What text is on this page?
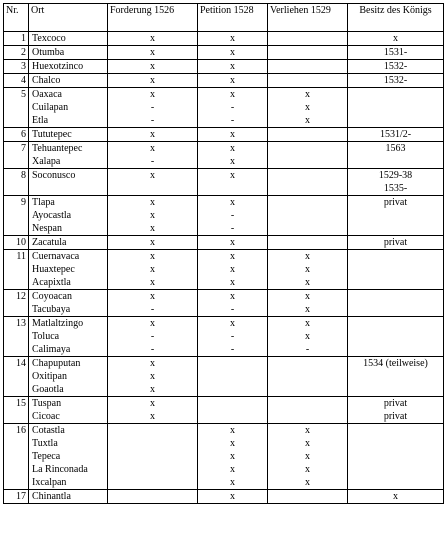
Nr.	Ort	Forderung 1526	Petition 1528	Verliehen 1529	Besitz des Königs
1	Texcoco	x	x		x
2	Otumba	x	x		1531-
3	Huexotzinco	x	x		1532-
4	Chalco	x	x		1532-
5	Oaxaca	x	x	x	
	Cuilapan	-	-	x	
	Etla	-	-	x	
6	Tututepec	x	x		1531/2-
7	Tehuantepec	x	x		1563
	Xalapa	-	x		
8	Soconusco	x	x		1529-38
					1535-
9	Tlapa	x	x		privat
	Ayocastla	x	-		
	Nespan	x	-		
10	Zacatula	x	x		privat
11	Cuernavaca	x	x	x	
	Huaxtepec	x	x	x	
	Acapixtla	x	x	x	
12	Coyoacan	x	x	x	
	Tacubaya	-	-	x	
13	Matlaltzingo	x	x	x	
	Toluca	-	-	x	
	Calimaya	-	-	-	
14	Chapuputan	x			1534 (teilweise)
	Oxitipan	x			
	Goaotla	x			
15	Tuspan	x			privat
	Cicoac	x			privat
16	Cotastla		x	x	
	Tuxtla		x	x	
	Tepeca		x	x	
	La Rinconada		x	x	
	Ixcalpan		x	x	
17	Chinantla		x		x
